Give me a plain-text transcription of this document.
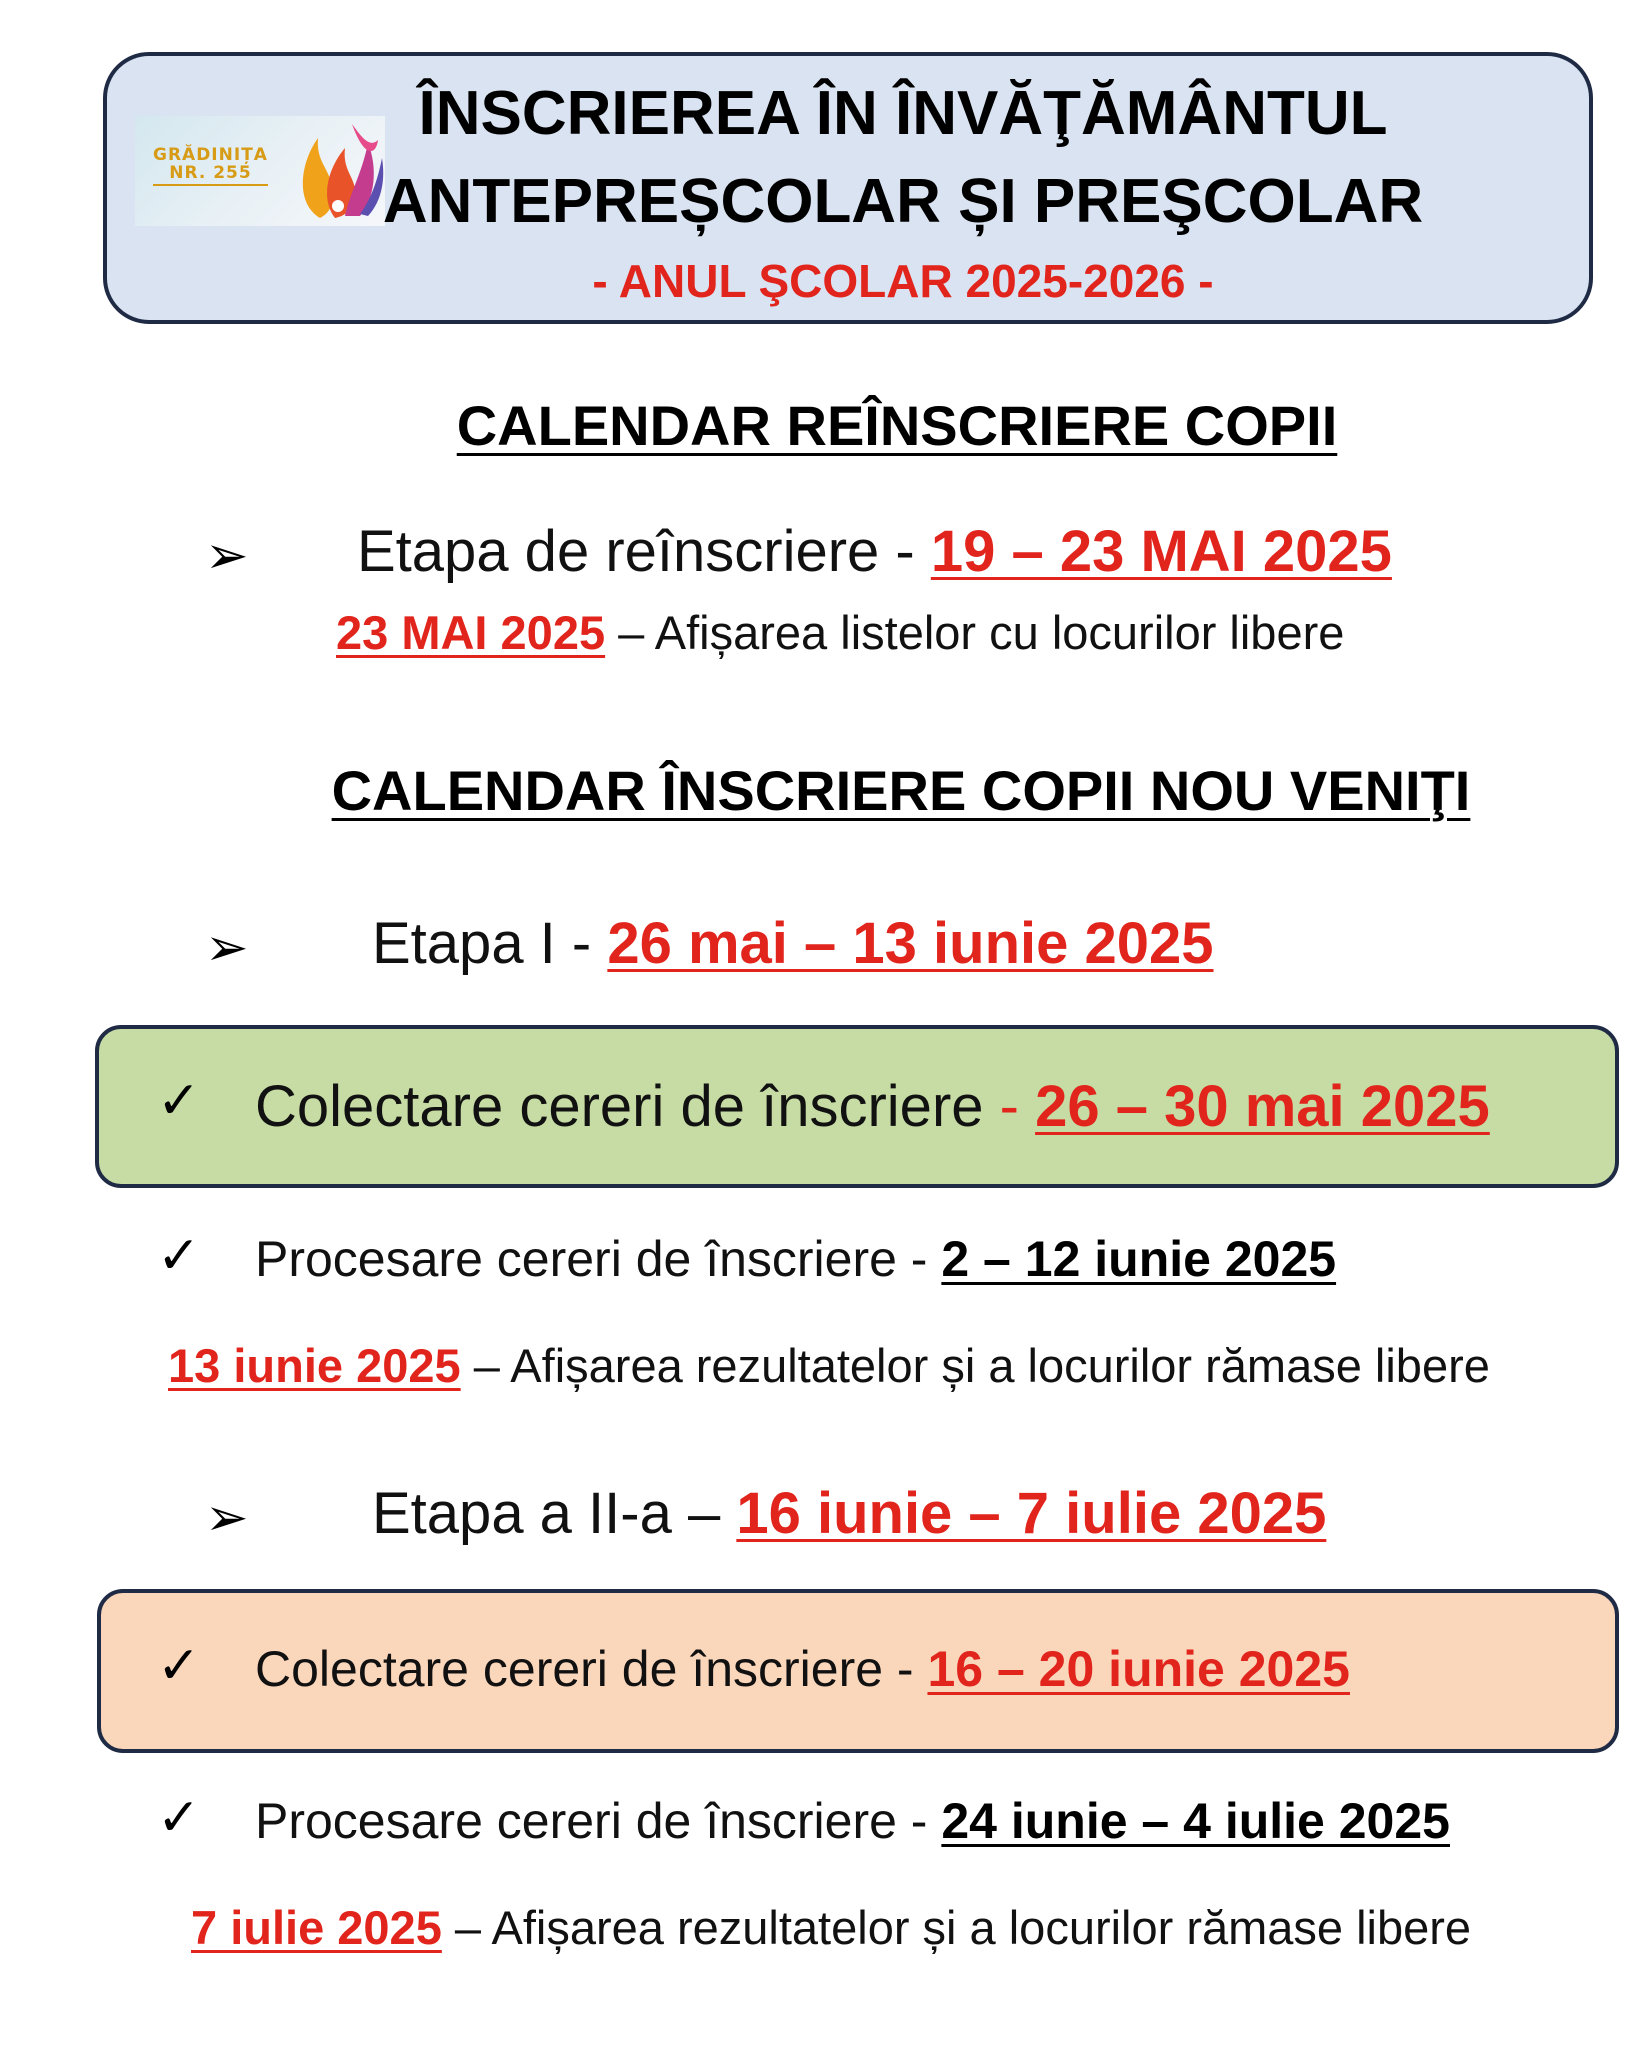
GRĂDINIȚA
NR. 255
ÎNSCRIEREA ÎN ÎNVĂŢĂMÂNTUL
ANTEPREȘCOLAR ȘI PREŞCOLAR
- ANUL ŞCOLAR 2025-2026 -
CALENDAR REÎNSCRIERE COPII
➢ Etapa de reînscriere - 19 – 23 MAI 2025
23 MAI 2025 – Afișarea listelor cu locurilor libere
CALENDAR ÎNSCRIERE COPII NOU VENIŢI
➢ Etapa I - 26 mai – 13 iunie 2025
✓ Colectare cereri de înscriere - 26 – 30 mai 2025
✓ Procesare cereri de înscriere - 2 – 12 iunie 2025
13 iunie 2025 – Afișarea rezultatelor și a locurilor rămase libere
➢ Etapa a II-a – 16 iunie – 7 iulie 2025
✓ Colectare cereri de înscriere - 16 – 20 iunie 2025
✓ Procesare cereri de înscriere - 24 iunie – 4 iulie 2025
7 iulie 2025 – Afișarea rezultatelor și a locurilor rămase libere
